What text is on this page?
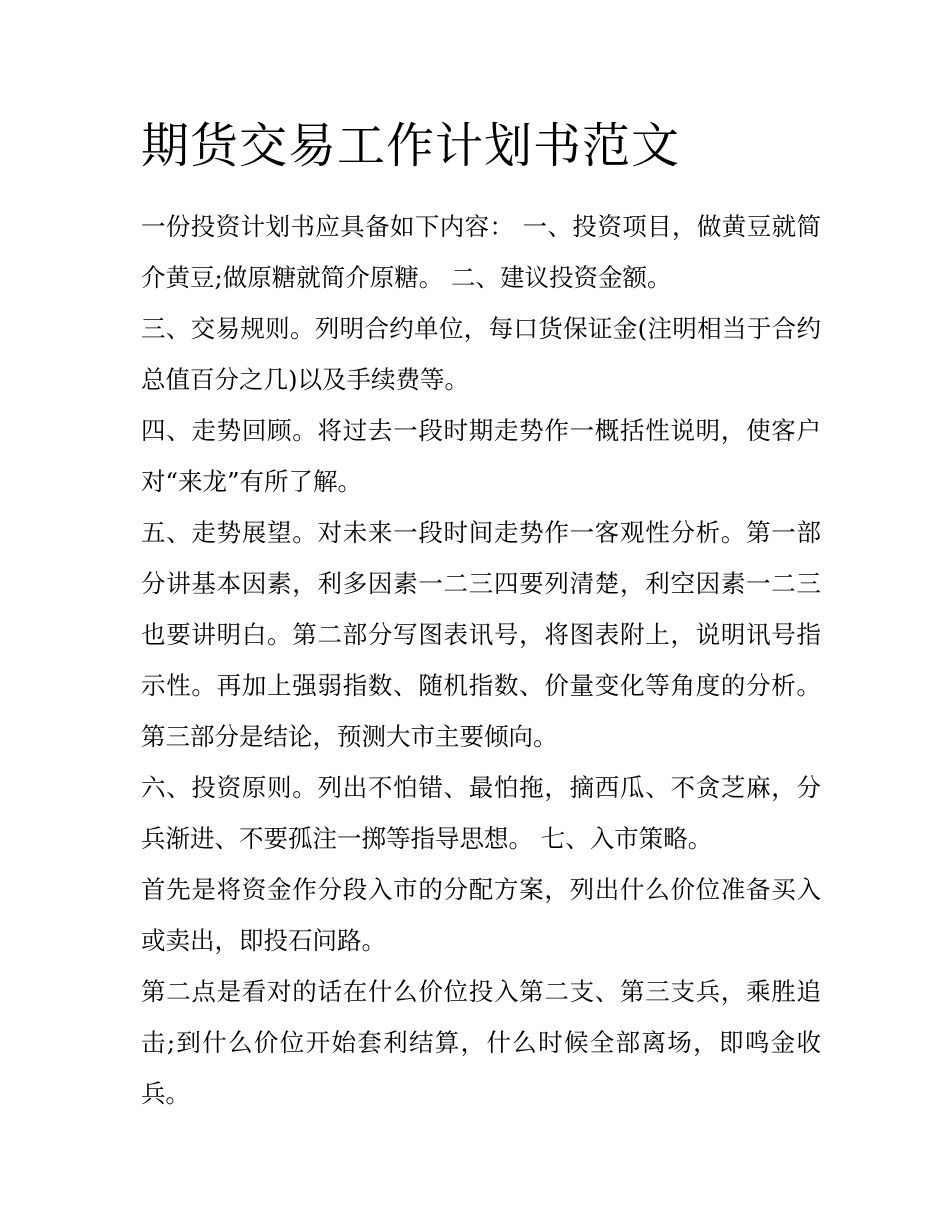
期货交易工作计划书范文

一份投资计划书应具备如下内容： 一、投资项目，做黄豆就简介黄豆;做原糖就简介原糖。 二、建议投资金额。

三、交易规则。列明合约单位，每口货保证金(注明相当于合约总值百分之几)以及手续费等。

四、走势回顾。将过去一段时期走势作一概括性说明，使客户对“来龙”有所了解。

五、走势展望。对未来一段时间走势作一客观性分析。第一部分讲基本因素，利多因素一二三四要列清楚，利空因素一二三也要讲明白。第二部分写图表讯号，将图表附上，说明讯号指示性。再加上强弱指数、随机指数、价量变化等角度的分析。第三部分是结论，预测大市主要倾向。

六、投资原则。列出不怕错、最怕拖，摘西瓜、不贪芝麻，分兵渐进、不要孤注一掷等指导思想。 七、入市策略。

首先是将资金作分段入市的分配方案，列出什么价位准备买入或卖出，即投石问路。

第二点是看对的话在什么价位投入第二支、第三支兵，乘胜追击;到什么价位开始套利结算，什么时候全部离场，即鸣金收兵。
